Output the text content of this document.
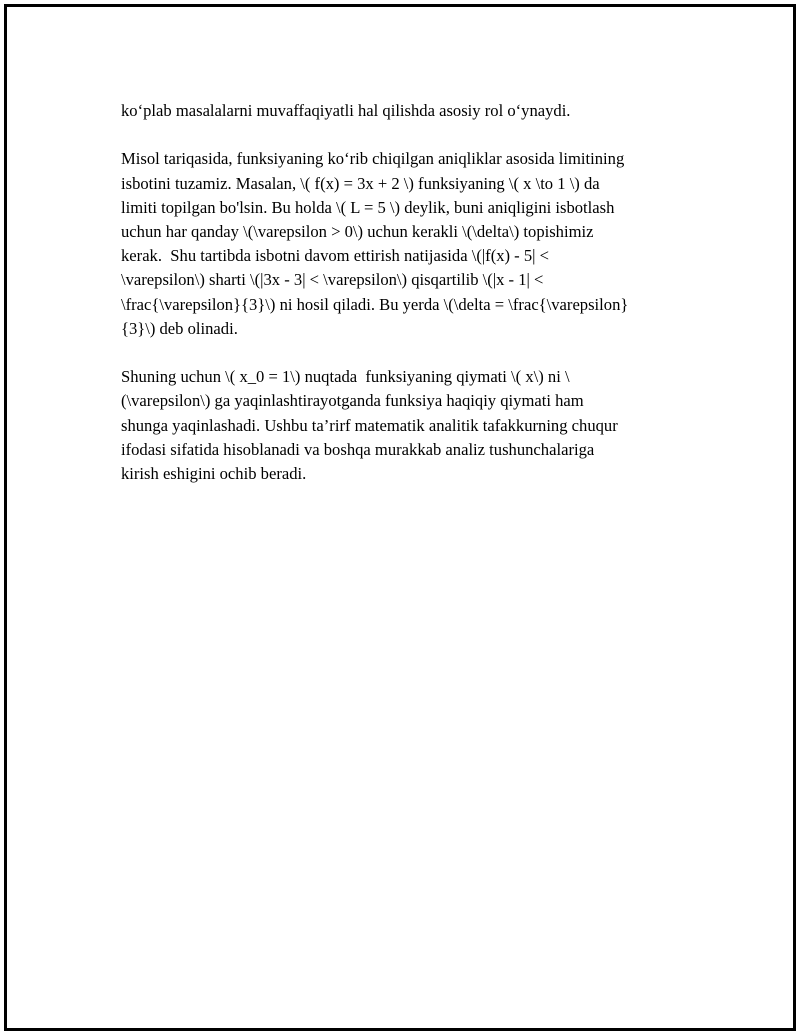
ko‘plab masalalarni muvaffaqiyatli hal qilishda asosiy rol o‘ynaydi.

Misol tariqasida, funksiyaning ko‘rib chiqilgan aniqliklar asosida limitining
isbotini tuzamiz. Masalan, \( f(x) = 3x + 2 \) funksiyaning \( x \to 1 \) da
limiti topilgan bo'lsin. Bu holda \( L = 5 \) deylik, buni aniqligini isbotlash
uchun har qanday \(\varepsilon > 0\) uchun kerakli \(\delta\) topishimiz
kerak.  Shu tartibda isbotni davom ettirish natijasida \(|f(x) - 5| <
\varepsilon\) sharti \(|3x - 3| < \varepsilon\) qisqartilib \(|x - 1| <
\frac{\varepsilon}{3}\) ni hosil qiladi. Bu yerda \(\delta = \frac{\varepsilon}
{3}\) deb olinadi.

Shuning uchun \( x_0 = 1\) nuqtada  funksiyaning qiymati \( x\) ni \
(\varepsilon\) ga yaqinlashtirayotganda funksiya haqiqiy qiymati ham
shunga yaqinlashadi. Ushbu ta’rirf matematik analitik tafakkurning chuqur
ifodasi sifatida hisoblanadi va boshqa murakkab analiz tushunchalariga
kirish eshigini ochib beradi.
